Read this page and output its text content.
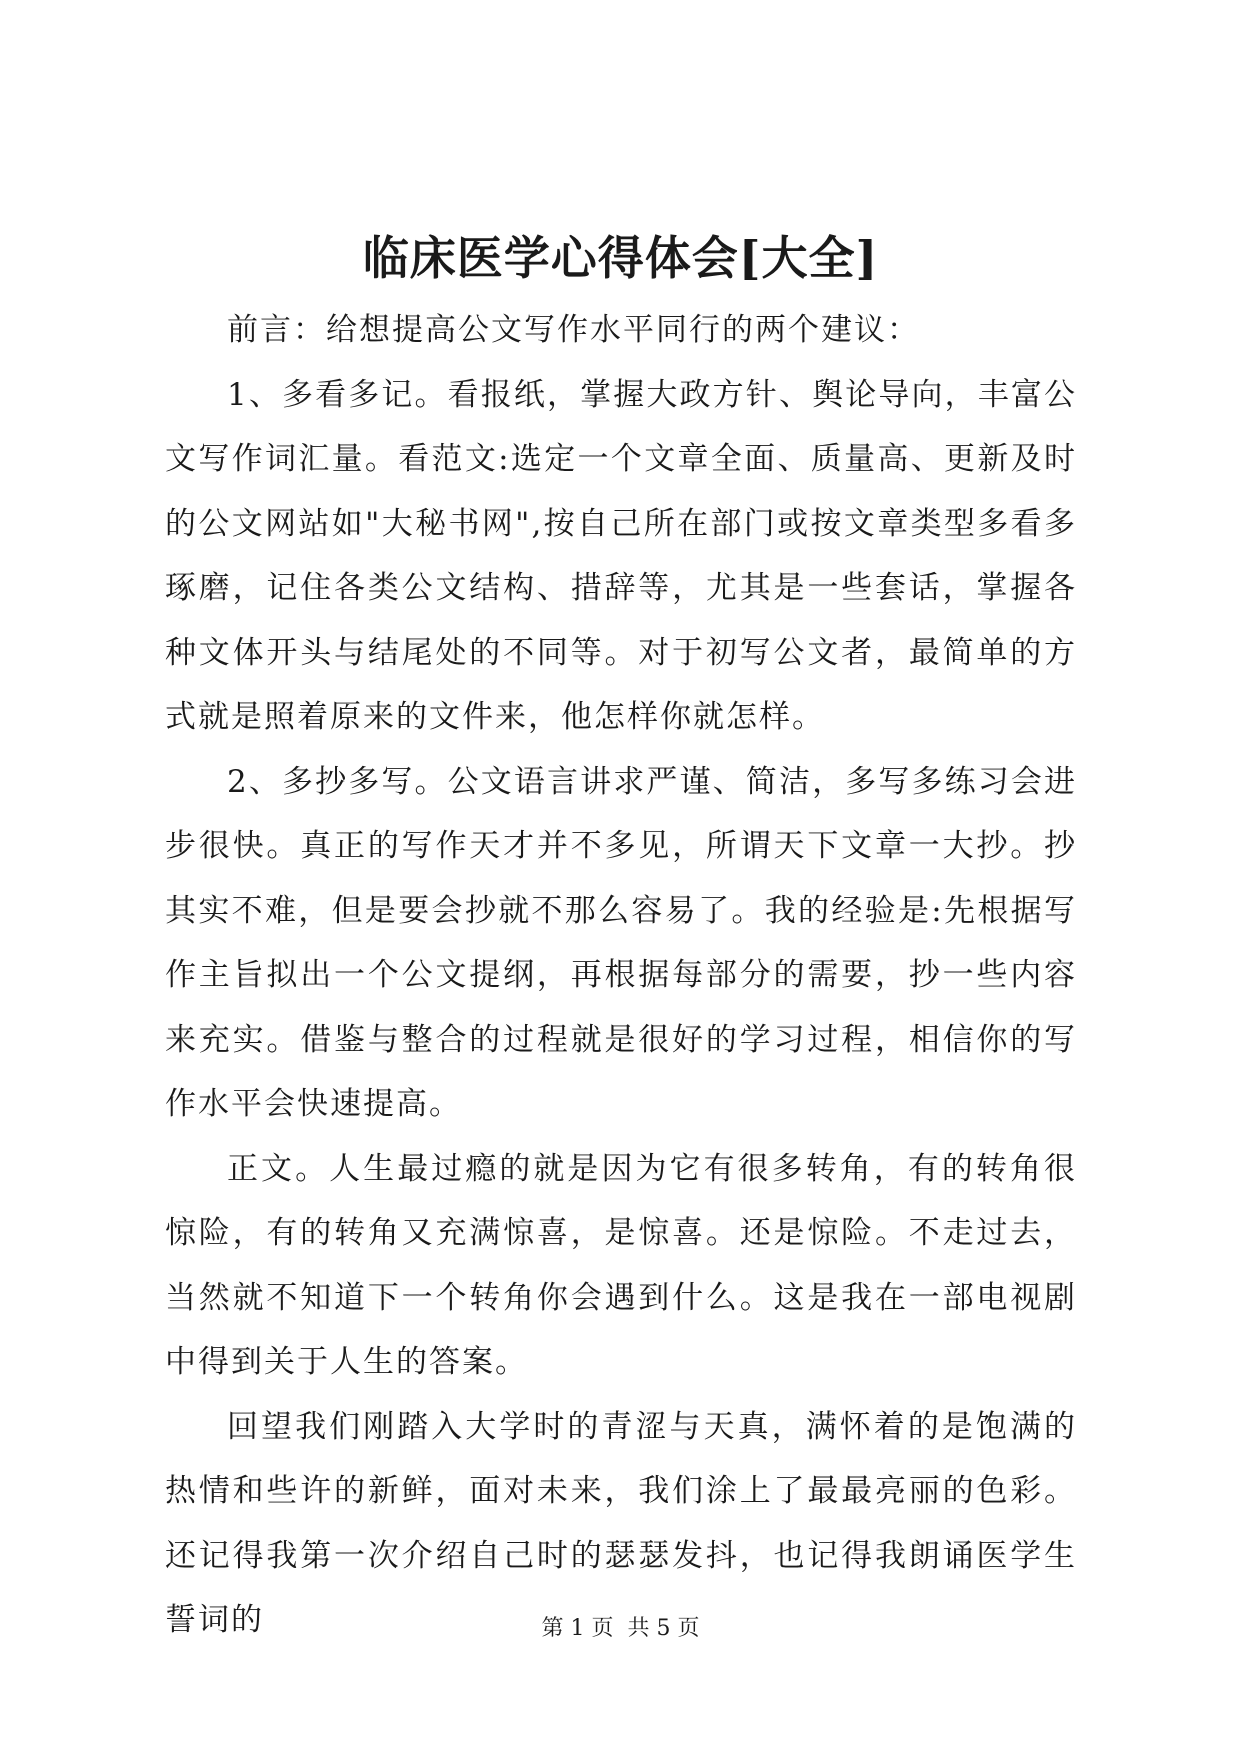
临床医学心得体会[大全]

前言：给想提高公文写作水平同行的两个建议：

1、多看多记。看报纸，掌握大政方针、舆论导向，丰富公文写作词汇量。看范文:选定一个文章全面、质量高、更新及时的公文网站如"大秘书网",按自己所在部门或按文章类型多看多琢磨，记住各类公文结构、措辞等，尤其是一些套话，掌握各种文体开头与结尾处的不同等。对于初写公文者，最简单的方式就是照着原来的文件来，他怎样你就怎样。

2、多抄多写。公文语言讲求严谨、简洁，多写多练习会进步很快。真正的写作天才并不多见，所谓天下文章一大抄。抄其实不难，但是要会抄就不那么容易了。我的经验是:先根据写作主旨拟出一个公文提纲，再根据每部分的需要，抄一些内容来充实。借鉴与整合的过程就是很好的学习过程，相信你的写作水平会快速提高。

正文。人生最过瘾的就是因为它有很多转角，有的转角很惊险，有的转角又充满惊喜，是惊喜。还是惊险。不走过去，当然就不知道下一个转角你会遇到什么。这是我在一部电视剧中得到关于人生的答案。

回望我们刚踏入大学时的青涩与天真，满怀着的是饱满的热情和些许的新鲜，面对未来，我们涂上了最最亮丽的色彩。还记得我第一次介绍自己时的瑟瑟发抖，也记得我朗诵医学生誓词的	第 1 页  共 5 页
